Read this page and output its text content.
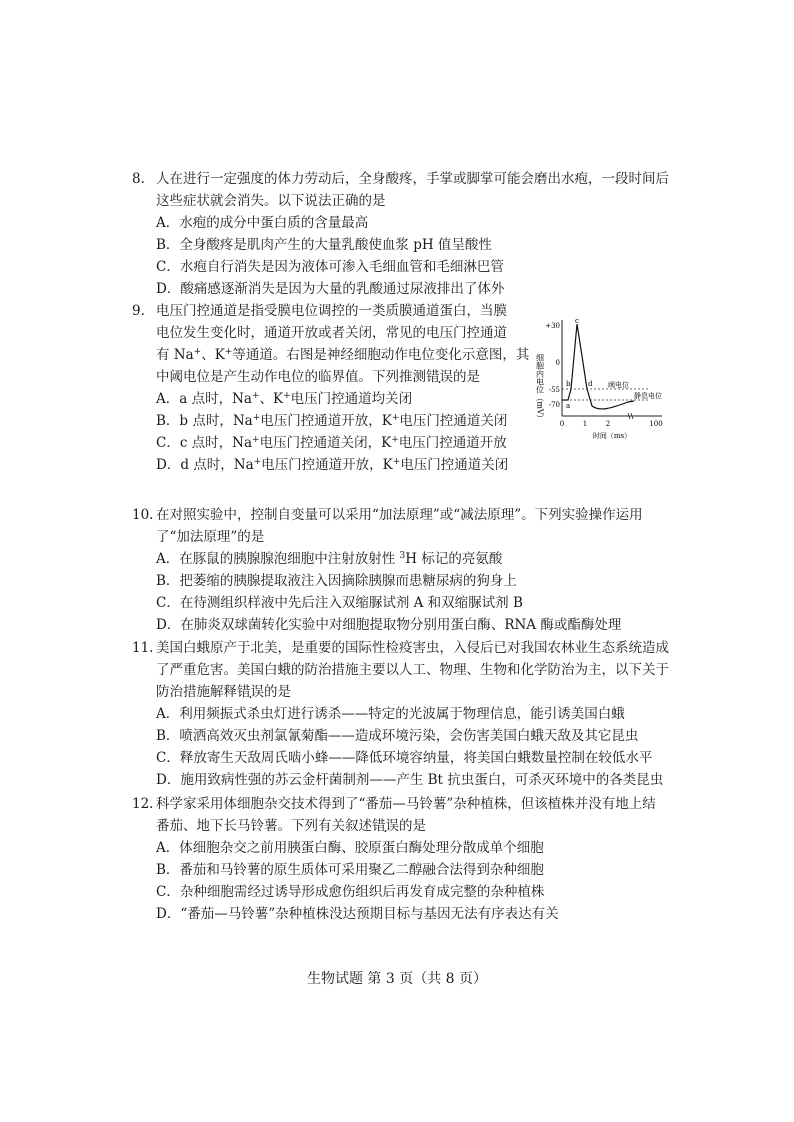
8. 人在进行一定强度的体力劳动后，全身酸疼，手掌或脚掌可能会磨出水疱，一段时间后
这些症状就会消失。以下说法正确的是
A．水疱的成分中蛋白质的含量最高
B．全身酸疼是肌肉产生的大量乳酸使血浆 pH 值呈酸性
C．水疱自行消失是因为液体可渗入毛细血管和毛细淋巴管
D．酸痛感逐渐消失是因为大量的乳酸通过尿液排出了体外
9. 电压门控通道是指受膜电位调控的一类质膜通道蛋白，当膜
电位发生变化时，通道开放或者关闭，常见的电压门控通道
有 Na+、K+等通道。右图是神经细胞动作电位变化示意图，其
中阈电位是产生动作电位的临界值。下列推测错误的是
A．a 点时，Na+、K+电压门控通道均关闭
B．b 点时，Na+电压门控通道开放，K+电压门控通道关闭
C．c 点时，Na+电压门控通道关闭，K+电压门控通道开放
D．d 点时，Na+电压门控通道开放，K+电压门控通道关闭
细胞内电位（mV）
+30
0
-55
-70 a
b
c
d 阈电位
静息电位
0	1	2	100
时间（ms）
10. 在对照实验中，控制自变量可以采用“加法原理”或“减法原理”。下列实验操作运用
了“加法原理”的是
A．在豚鼠的胰腺腺泡细胞中注射放射性 $^3$H 标记的亮氨酸
B．把萎缩的胰腺提取液注入因摘除胰腺而患糖尿病的狗身上
C．在待测组织样液中先后注入双缩脲试剂 A 和双缩脲试剂 B
D．在肺炎双球菌转化实验中对细胞提取物分别用蛋白酶、RNA 酶或酯酶处理
11. 美国白蛾原产于北美，是重要的国际性检疫害虫，入侵后已对我国农林业生态系统造成
了严重危害。美国白蛾的防治措施主要以人工、物理、生物和化学防治为主，以下关于
防治措施解释错误的是
A．利用频振式杀虫灯进行诱杀——特定的光波属于物理信息，能引诱美国白蛾
B．喷洒高效灭虫剂氯氰菊酯——造成环境污染，会伤害美国白蛾天敌及其它昆虫
C．释放寄生天敌周氏啮小蜂——降低环境容纳量，将美国白蛾数量控制在较低水平
D．施用致病性强的苏云金杆菌制剂——产生 Bt 抗虫蛋白，可杀灭环境中的各类昆虫
12. 科学家采用体细胞杂交技术得到了“番茄—马铃薯”杂种植株，但该植株并没有地上结
番茄、地下长马铃薯。下列有关叙述错误的是
A．体细胞杂交之前用胰蛋白酶、胶原蛋白酶处理分散成单个细胞
B．番茄和马铃薯的原生质体可采用聚乙二醇融合法得到杂种细胞
C．杂种细胞需经过诱导形成愈伤组织后再发育成完整的杂种植株
D．“番茄—马铃薯”杂种植株没达预期目标与基因无法有序表达有关
生物试题 第 3 页（共 8 页）
